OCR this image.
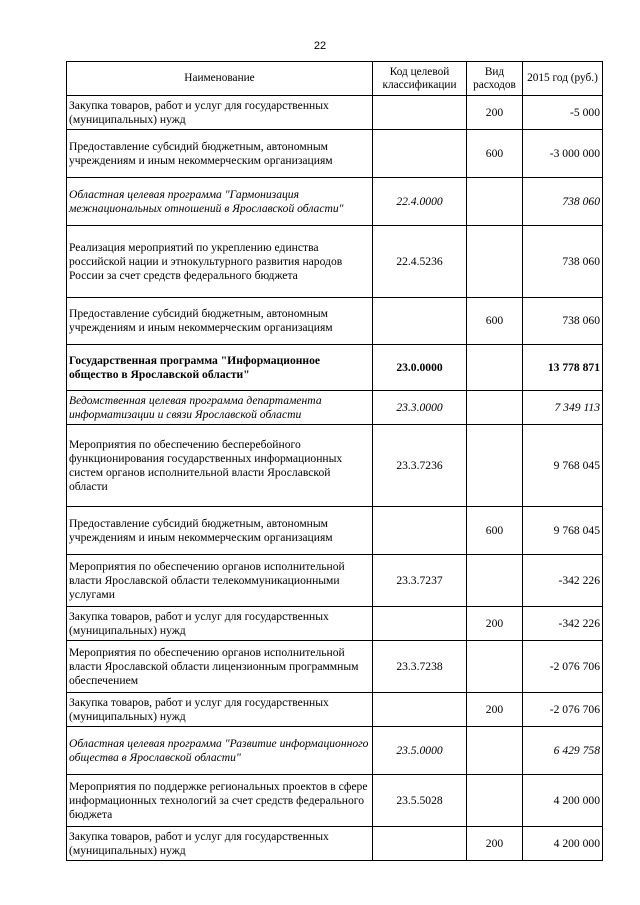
22
Наименование	Код целевой классификации	Вид расходов	2015 год (руб.)
Закупка товаров, работ и услуг для государственных (муниципальных) нужд		200	-5 000
Предоставление субсидий бюджетным, автономным учреждениям и иным некоммерческим организациям		600	-3 000 000
Областная целевая программа "Гармонизация межнациональных отношений в Ярославской области"	22.4.0000		738 060
Реализация мероприятий по укреплению единства российской нации и этнокультурного развития народов России за счет средств федерального бюджета	22.4.5236		738 060
Предоставление субсидий бюджетным, автономным учреждениям и иным некоммерческим организациям		600	738 060
Государственная программа "Информационное общество в Ярославской области"	23.0.0000		13 778 871
Ведомственная целевая программа департамента информатизации и связи Ярославской области	23.3.0000		7 349 113
Мероприятия по обеспечению бесперебойного функционирования государственных информационных систем органов исполнительной власти Ярославской области	23.3.7236		9 768 045
Предоставление субсидий бюджетным, автономным учреждениям и иным некоммерческим организациям		600	9 768 045
Мероприятия по обеспечению органов исполнительной власти Ярославской области телекоммуникационными услугами	23.3.7237		-342 226
Закупка товаров, работ и услуг для государственных (муниципальных) нужд		200	-342 226
Мероприятия по обеспечению органов исполнительной власти Ярославской области лицензионным программным обеспечением	23.3.7238		-2 076 706
Закупка товаров, работ и услуг для государственных (муниципальных) нужд		200	-2 076 706
Областная целевая программа "Развитие информационного общества в Ярославской области"	23.5.0000		6 429 758
Мероприятия по поддержке региональных проектов в сфере информационных технологий за счет средств федерального бюджета	23.5.5028		4 200 000
Закупка товаров, работ и услуг для государственных (муниципальных) нужд		200	4 200 000
